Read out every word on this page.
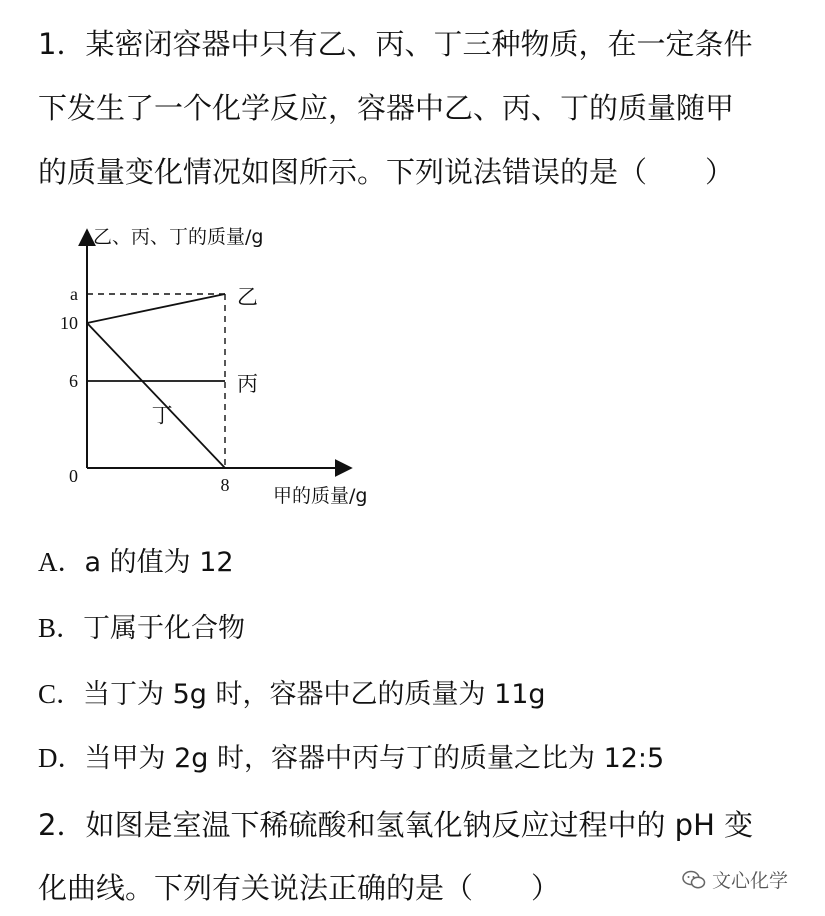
1．某密闭容器中只有乙、丙、丁三种物质，在一定条件
下发生了一个化学反应，容器中乙、丙、丁的质量随甲
的质量变化情况如图所示。下列说法错误的是（　　）
乙、丙、丁的质量/g
a
10
6
8
0
乙
丙
丁
甲的质量/g
A．a 的值为 12
B．丁属于化合物
C．当丁为 5g 时，容器中乙的质量为 11g
D．当甲为 2g 时，容器中丙与丁的质量之比为 12:5
2．如图是室温下稀硫酸和氢氧化钠反应过程中的 pH 变
化曲线。下列有关说法正确的是（　　）	文心化学
